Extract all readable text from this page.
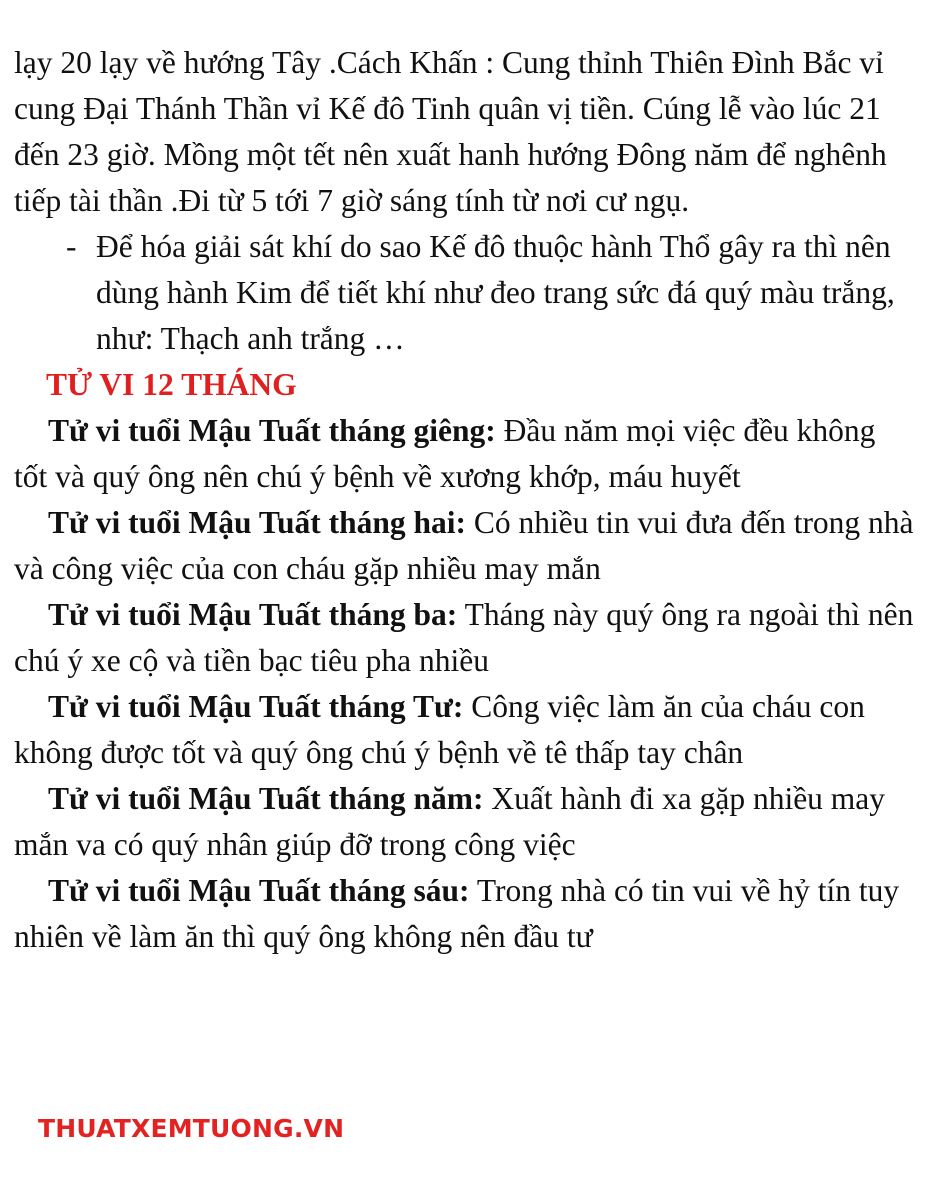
lạy 20 lạy về hướng Tây .Cách Khấn : Cung thỉnh Thiên Đình Bắc vỉ cung Đại Thánh Thần vỉ Kế đô Tinh quân vị tiền. Cúng lễ vào lúc 21 đến 23 giờ. Mồng một tết nên xuất hanh hướng Đông năm để nghênh tiếp tài thần .Đi từ 5 tới 7 giờ sáng tính từ nơi cư ngụ.

- Để hóa giải sát khí do sao Kế đô thuộc hành Thổ gây ra thì nên dùng hành Kim để tiết khí như đeo trang sức đá quý màu trắng, như: Thạch anh trắng …

TỬ VI 12 THÁNG

Tử vi tuổi Mậu Tuất tháng giêng: Đầu năm mọi việc đều không tốt và quý ông nên chú ý bệnh về xương khớp, máu huyết

Tử vi tuổi Mậu Tuất tháng hai: Có nhiều tin vui đưa đến trong nhà và công việc của con cháu gặp nhiều may mắn

Tử vi tuổi Mậu Tuất tháng ba: Tháng này quý ông ra ngoài thì nên chú ý xe cộ và tiền bạc tiêu pha nhiều

Tử vi tuổi Mậu Tuất tháng Tư: Công việc làm ăn của cháu con không được tốt và quý ông chú ý bệnh về tê thấp tay chân

Tử vi tuổi Mậu Tuất tháng năm: Xuất hành đi xa gặp nhiều may mắn va có quý nhân giúp đỡ trong công việc

Tử vi tuổi Mậu Tuất tháng sáu: Trong nhà có tin vui về hỷ tín tuy nhiên về làm ăn thì quý ông không nên đầu tư

THUATXEMTUONG.VN
